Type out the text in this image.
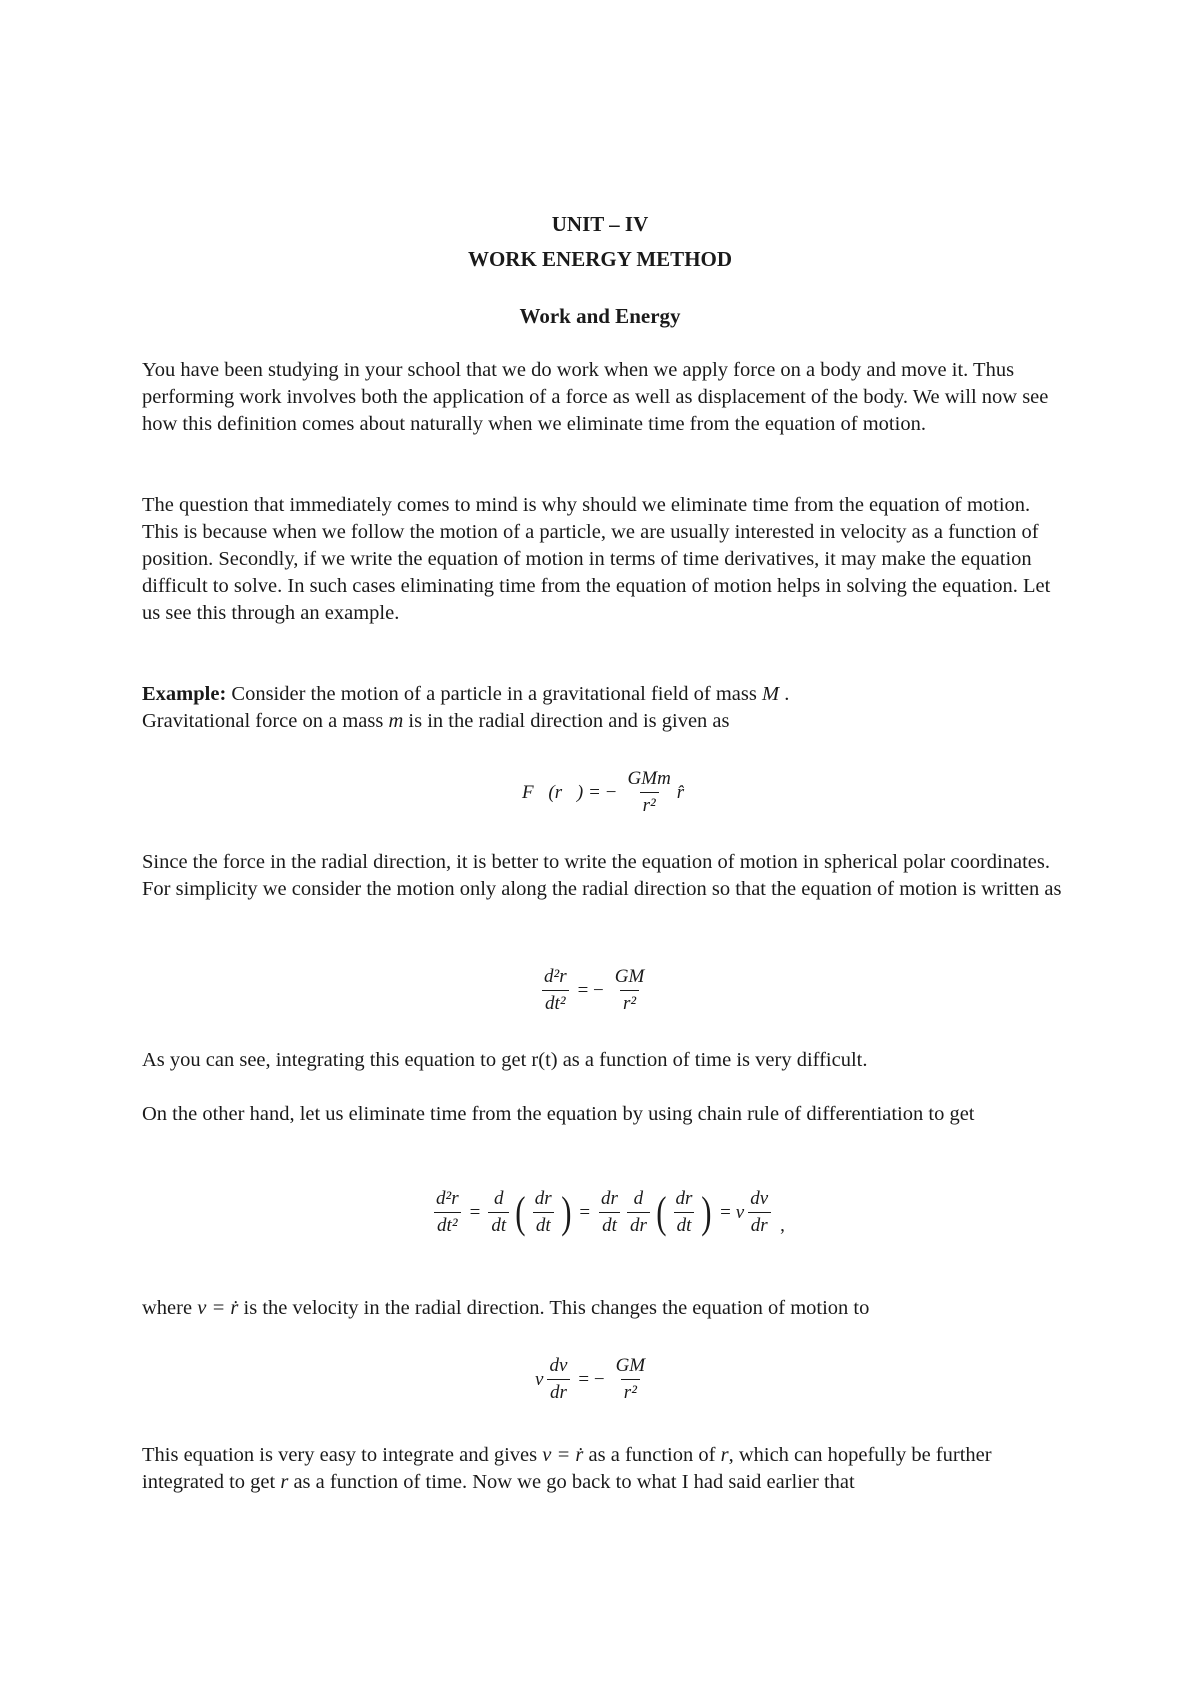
UNIT – IV
WORK ENERGY METHOD
Work and Energy

You have been studying in your school that we do work when we apply force on a body and move it. Thus performing work involves both the application of a force as well as displacement of the body. We will now see how this definition comes about naturally when we eliminate time from the equation of motion.

The question that immediately comes to mind is why should we eliminate time from the equation of motion. This is because when we follow the motion of a particle, we are usually interested in velocity as a function of position. Secondly, if we write the equation of motion in terms of time derivatives, it may make the equation difficult to solve. In such cases eliminating time from the equation of motion helps in solving the equation. Let us see this through an example.

Example: Consider the motion of a particle in a gravitational field of mass M .
Gravitational force on a mass m is in the radial direction and is given as

F⃗(r⃗) = − $\frac{\text{GMm}}{\text{r²}}$ r̂

Since the force in the radial direction, it is better to write the equation of motion in spherical polar coordinates. For simplicity we consider the motion only along the radial direction so that the equation of motion is written as

$\frac{\text{d²r}}{\text{dt²}}$ = − $\frac{GM}{\text{r²}}$

As you can see, integrating this equation to get r(t) as a function of time is very difficult.

On the other hand, let us eliminate time from the equation by using chain rule of differentiation to get

$\frac{\text{d²r}}{\text{dt²}} = \frac{d}{dt}$ ( $\frac{dr}{dt}$ ) = $\frac{dr}{dt} \frac{d}{dr}$ ( $\frac{dr}{dt}$ ) = v $\frac{dv}{dr}$ ,

where v = ṙ is the velocity in the radial direction. This changes the equation of motion to

v $\frac{dv}{dr}$ = − $\frac{GM}{\text{r²}}$

This equation is very easy to integrate and gives v = ṙ as a function of r, which can hopefully be further integrated to get r as a function of time. Now we go back to what I had said earlier that
